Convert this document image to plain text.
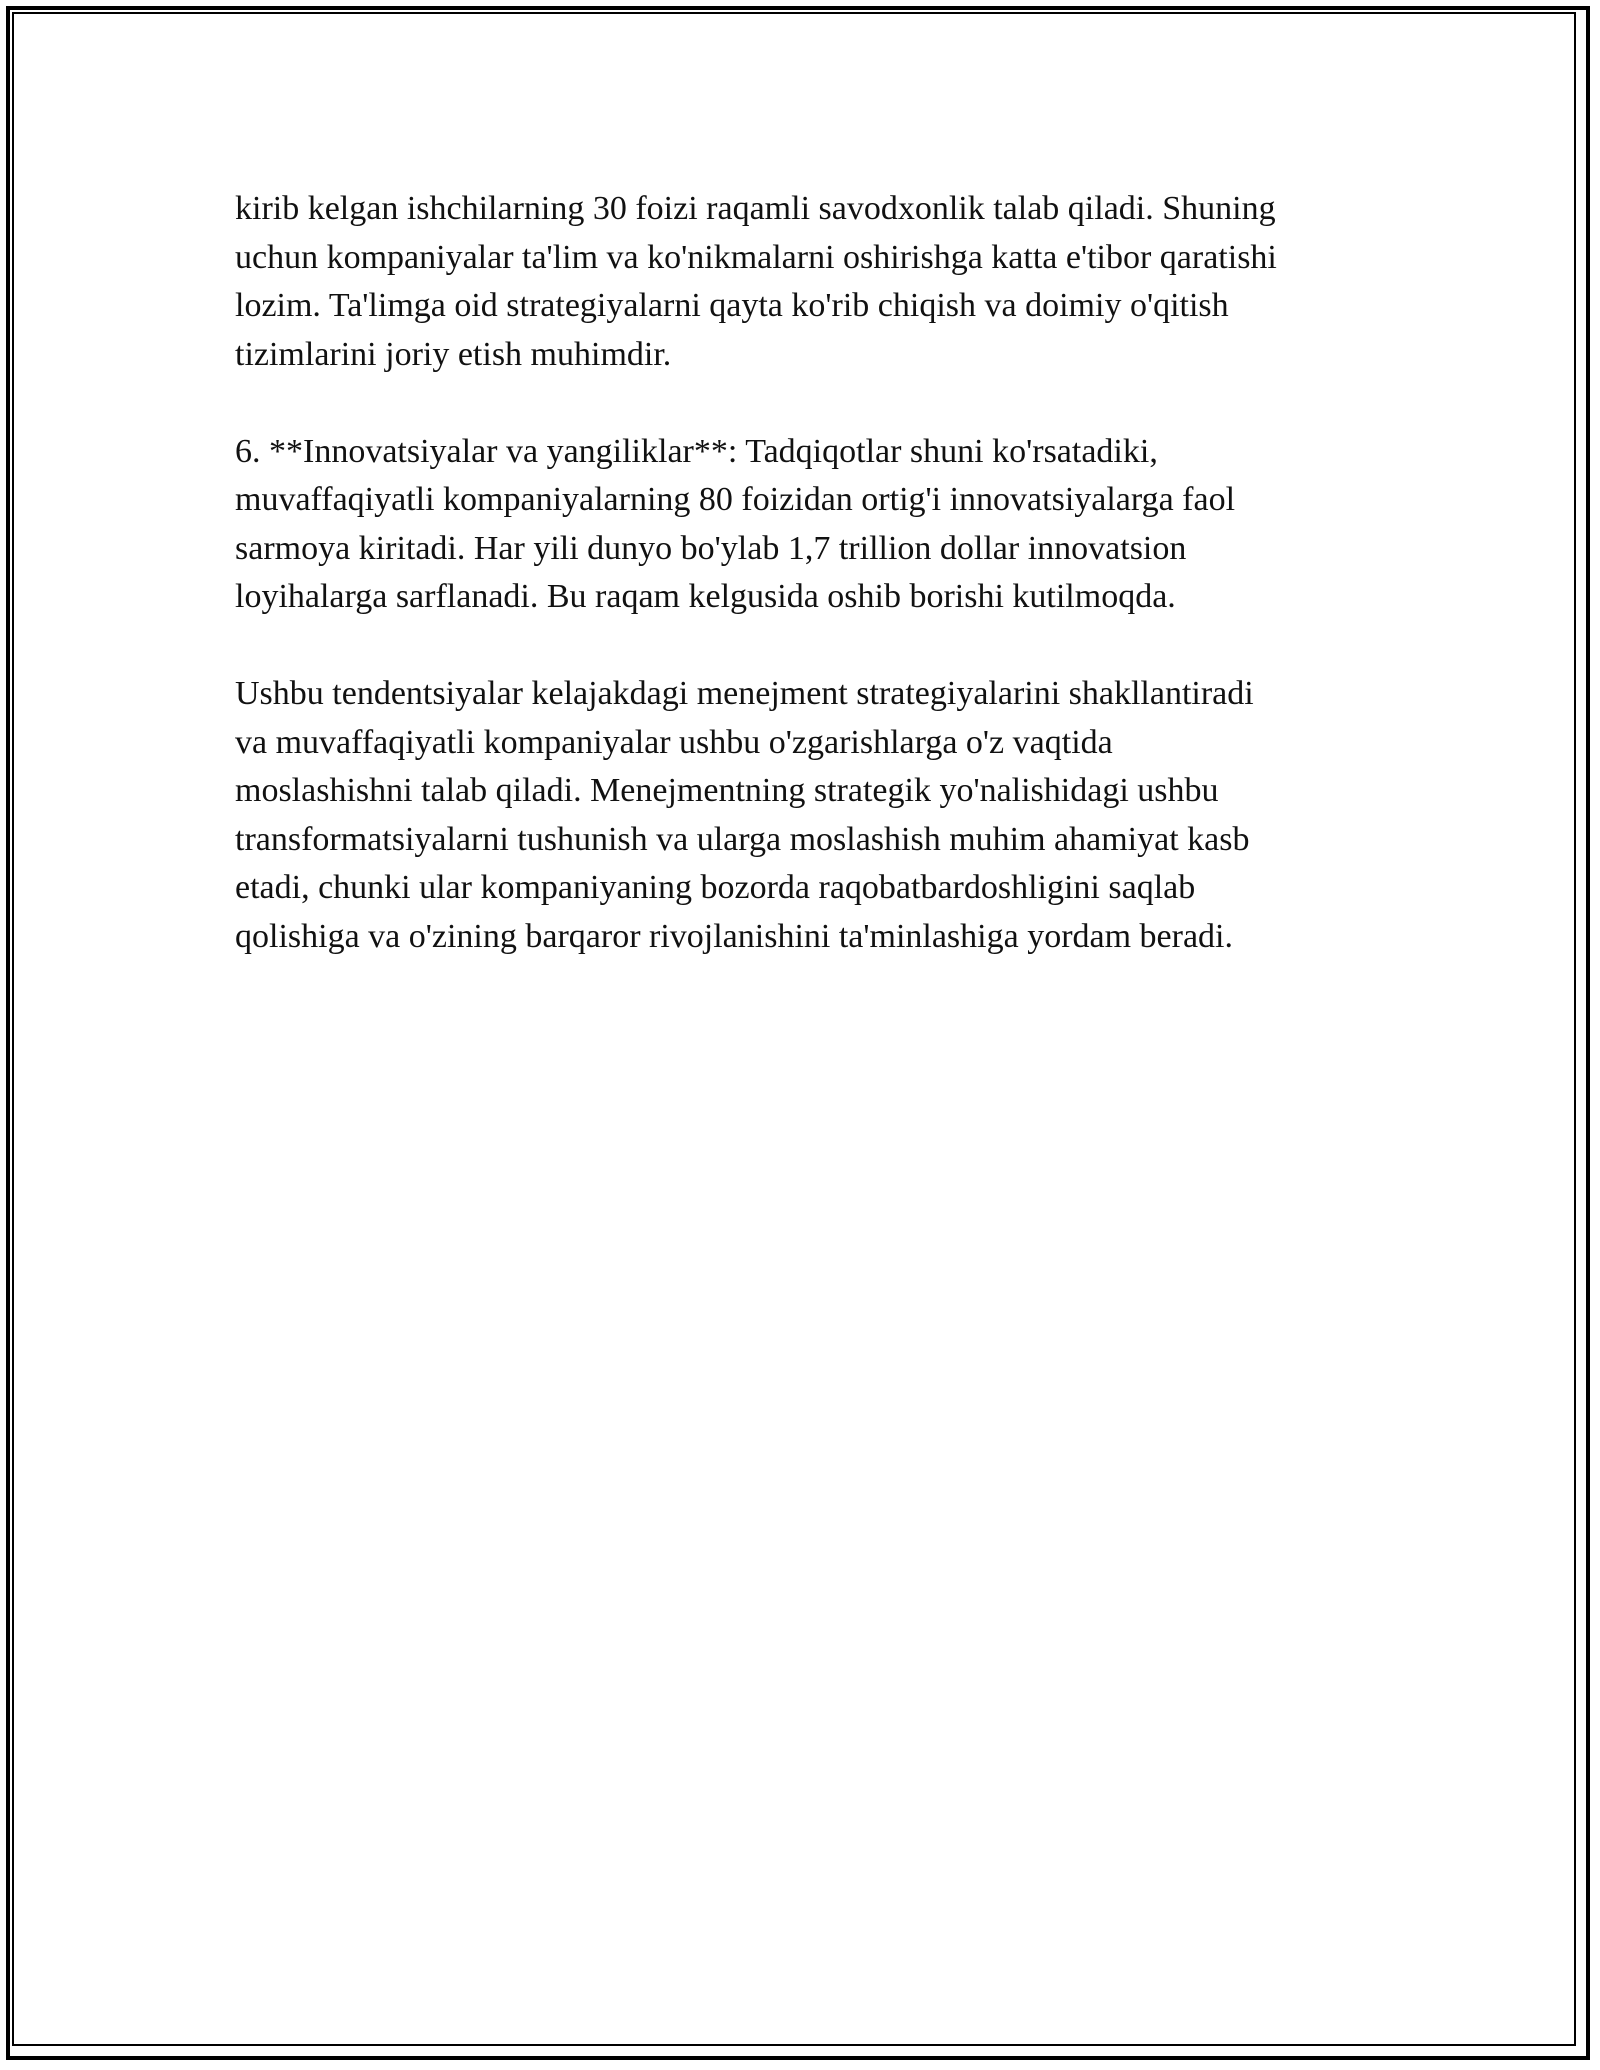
kirib kelgan ishchilarning 30 foizi raqamli savodxonlik talab qiladi. Shuning
uchun kompaniyalar ta'lim va ko'nikmalarni oshirishga katta e'tibor qaratishi
lozim. Ta'limga oid strategiyalarni qayta ko'rib chiqish va doimiy o'qitish
tizimlarini joriy etish muhimdir.

6. **Innovatsiyalar va yangiliklar**: Tadqiqotlar shuni ko'rsatadiki,
muvaffaqiyatli kompaniyalarning 80 foizidan ortig'i innovatsiyalarga faol
sarmoya kiritadi. Har yili dunyo bo'ylab 1,7 trillion dollar innovatsion
loyihalarga sarflanadi. Bu raqam kelgusida oshib borishi kutilmoqda.

Ushbu tendentsiyalar kelajakdagi menejment strategiyalarini shakllantiradi
va muvaffaqiyatli kompaniyalar ushbu o'zgarishlarga o'z vaqtida
moslashishni talab qiladi. Menejmentning strategik yo'nalishidagi ushbu
transformatsiyalarni tushunish va ularga moslashish muhim ahamiyat kasb
etadi, chunki ular kompaniyaning bozorda raqobatbardoshligini saqlab
qolishiga va o'zining barqaror rivojlanishini ta'minlashiga yordam beradi.
